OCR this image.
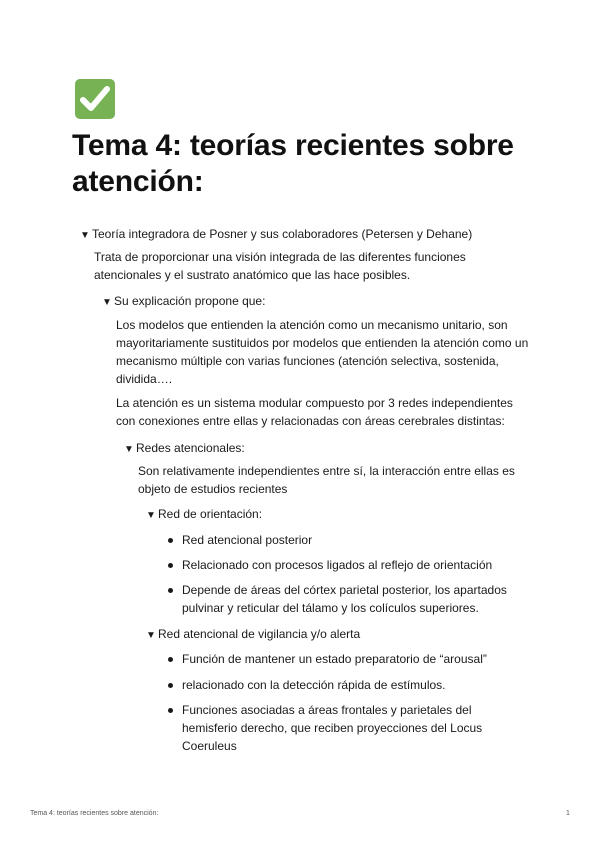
Tema 4: teorías recientes sobre atención:
▼ Teoría integradora de Posner y sus colaboradores (Petersen y Dehane)
Trata de proporcionar una visión integrada de las diferentes funciones atencionales y el sustrato anatómico que las hace posibles.
▼ Su explicación propone que:
Los modelos que entienden la atención como un mecanismo unitario, son mayoritariamente sustituidos por modelos que entienden la atención como un mecanismo múltiple con varias funciones (atención selectiva, sostenida, dividida….
La atención es un sistema modular compuesto por 3 redes independientes con conexiones entre ellas y relacionadas con áreas cerebrales distintas:
▼ Redes atencionales:
Son relativamente independientes entre sí, la interacción entre ellas es objeto de estudios recientes
▼ Red de orientación:
Red atencional posterior
Relacionado con procesos ligados al reflejo de orientación
Depende de áreas del córtex parietal posterior, los apartados pulvinar y reticular del tálamo y los colículos superiores.
▼ Red atencional de vigilancia y/o alerta
Función de mantener un estado preparatorio de “arousal”
relacionado con la detección rápida de estímulos.
Funciones asociadas a áreas frontales y parietales del hemisferio derecho, que reciben proyecciones del Locus Coeruleus
Tema 4: teorías recientes sobre atención:	1
